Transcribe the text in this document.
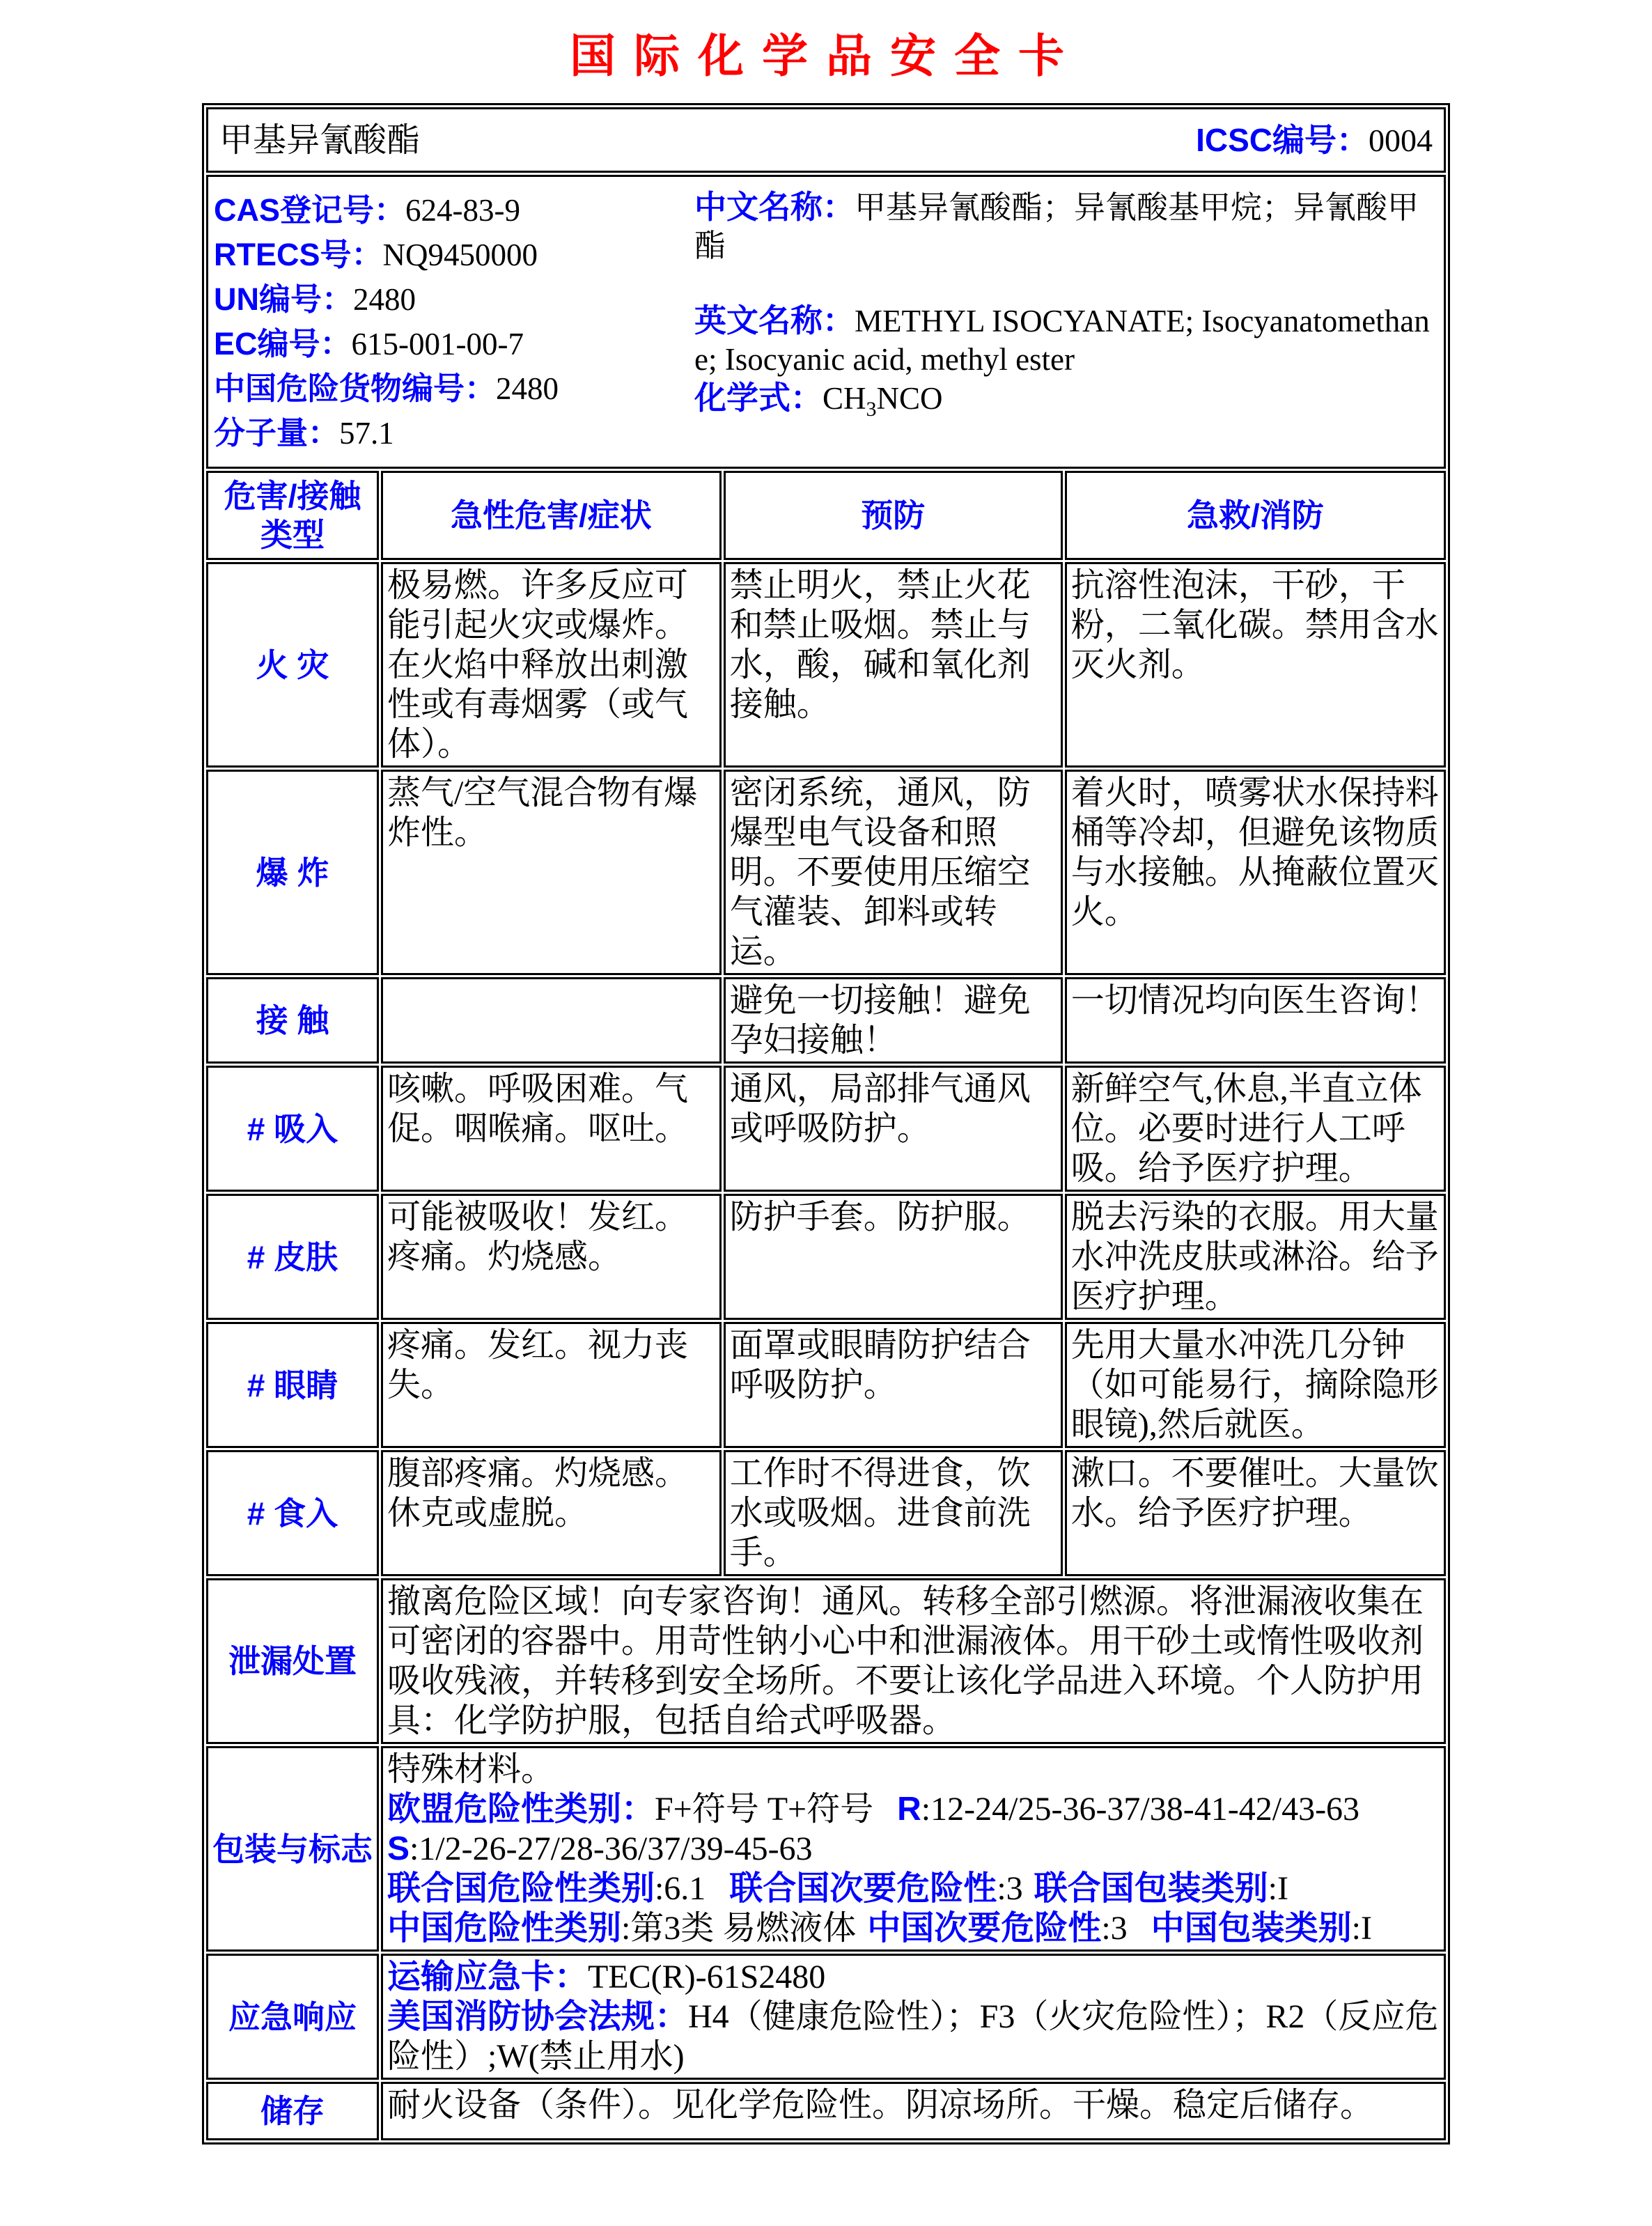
国际化学品安全卡
甲基异氰酸酯 ICSC编号：0004			

CAS登记号：624-83-9
RTECS号：NQ9450000
UN编号：2480
EC编号：615-001-00-7
中国危险货物编号：2480
分子量：57.1
中文名称：甲基异氰酸酯；异氰酸基甲烷；异氰酸甲酯
英文名称：METHYL ISOCYANATE; Isocyanatomethane; Isocyanic acid, methyl ester
化学式：$CH_3NCO$

危害/接触
类型	急性危害/症状	预防	急救/消防
火 灾	极易燃。许多反应可能引起火灾或爆炸。在火焰中释放出刺激性或有毒烟雾（或气体）。	禁止明火，禁止火花和禁止吸烟。禁止与水，酸，碱和氧化剂接触。	抗溶性泡沫，干砂，干粉，二氧化碳。禁用含水灭火剂。
爆 炸	蒸气/空气混合物有爆炸性。	密闭系统，通风，防爆型电气设备和照明。不要使用压缩空气灌装、卸料或转运。	着火时，喷雾状水保持料桶等冷却，但避免该物质与水接触。从掩蔽位置灭火。
接 触		避免一切接触！避免孕妇接触！	一切情况均向医生咨询！
# 吸入	咳嗽。呼吸困难。气促。咽喉痛。呕吐。	通风，局部排气通风或呼吸防护。	新鲜空气,休息,半直立体位。必要时进行人工呼吸。给予医疗护理。
# 皮肤	可能被吸收！发红。疼痛。灼烧感。	防护手套。防护服。	脱去污染的衣服。用大量水冲洗皮肤或淋浴。给予医疗护理。
# 眼睛	疼痛。发红。视力丧失。	面罩或眼睛防护结合呼吸防护。	先用大量水冲洗几分钟（如可能易行，摘除隐形眼镜),然后就医。
# 食入	腹部疼痛。灼烧感。休克或虚脱。	工作时不得进食，饮水或吸烟。进食前洗手。	漱口。不要催吐。大量饮水。给予医疗护理。
泄漏处置	撤离危险区域！向专家咨询！通风。转移全部引燃源。将泄漏液收集在可密闭的容器中。用苛性钠小心中和泄漏液体。用干砂土或惰性吸收剂吸收残液，并转移到安全场所。不要让该化学品进入环境。个人防护用具：化学防护服，包括自给式呼吸器。		
包装与标志	特殊材料。
欧盟危险性类别：F+符号 T+符号 R:12-24/25-36-37/38-41-42/43-63
S:1/2-26-27/28-36/37/39-45-63
联合国危险性类别:6.1 联合国次要危险性:3 联合国包装类别:I
中国危险性类别:第3类 易燃液体 中国次要危险性:3 中国包装类别:I		

应急响应	运输应急卡：TEC(R)-61S2480
美国消防协会法规：H4（健康危险性）；F3（火灾危险性）；R2（反应危险性）;W(禁止用水)		

储存	耐火设备（条件）。见化学危险性。阴凉场所。干燥。稳定后储存。		
